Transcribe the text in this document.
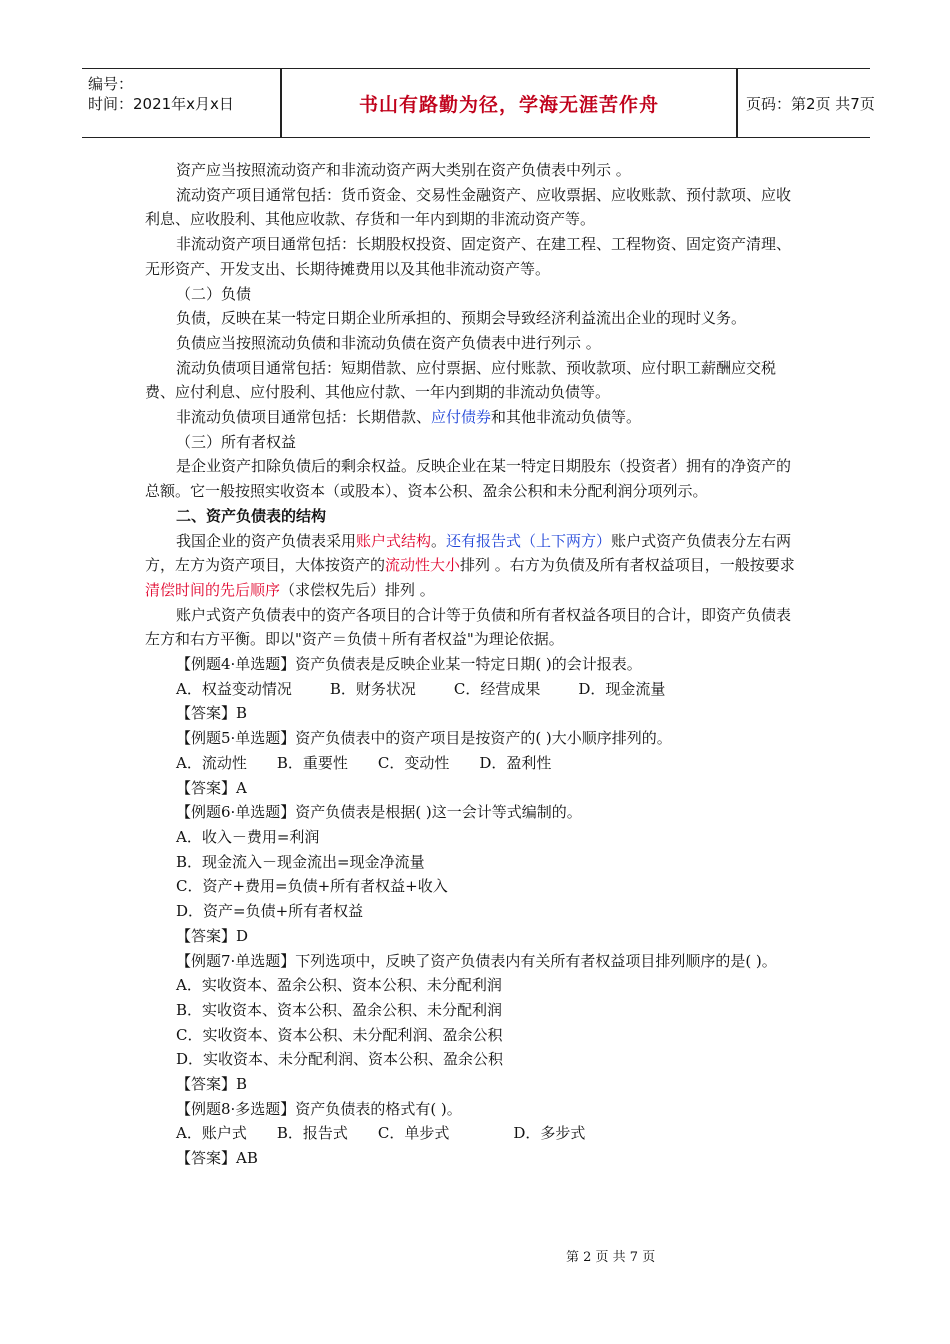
编号：
时间：2021年x月x日	书山有路勤为径，学海无涯苦作舟	页码：第2页 共7页

资产应当按照流动资产和非流动资产两大类别在资产负债表中列示 。

流动资产项目通常包括：货币资金、交易性金融资产、应收票据、应收账款、预付款项、应收利息、应收股利、其他应收款、存货和一年内到期的非流动资产等。

非流动资产项目通常包括：长期股权投资、固定资产、在建工程、工程物资、固定资产清理、无形资产、开发支出、长期待摊费用以及其他非流动资产等。

（二）负债

负债，反映在某一特定日期企业所承担的、预期会导致经济利益流出企业的现时义务。

负债应当按照流动负债和非流动负债在资产负债表中进行列示 。

流动负债项目通常包括：短期借款、应付票据、应付账款、预收款项、应付职工薪酬应交税费、应付利息、应付股利、其他应付款、一年内到期的非流动负债等。

非流动负债项目通常包括：长期借款、应付债券和其他非流动负债等。

（三）所有者权益

是企业资产扣除负债后的剩余权益。反映企业在某一特定日期股东（投资者）拥有的净资产的总额。它一般按照实收资本（或股本）、资本公积、盈余公积和未分配利润分项列示。

二、资产负债表的结构

我国企业的资产负债表采用账户式结构。还有报告式（上下两方）账户式资产负债表分左右两方，左方为资产项目，大体按资产的流动性大小排列 。右方为负债及所有者权益项目，一般按要求清偿时间的先后顺序（求偿权先后）排列 。

账户式资产负债表中的资产各项目的合计等于负债和所有者权益各项目的合计，即资产负债表左方和右方平衡。即以"资产＝负债＋所有者权益"为理论依据。

【例题4·单选题】资产负债表是反映企业某一特定日期( )的会计报表。

A．权益变动情况	B．财务状况	C．经营成果	D．现金流量

【答案】B

【例题5·单选题】资产负债表中的资产项目是按资产的( )大小顺序排列的。

A．流动性 B．重要性 C．变动性 D．盈利性

【答案】A

【例题6·单选题】资产负债表是根据( )这一会计等式编制的。

A．收入－费用=利润

B．现金流入－现金流出=现金净流量

C．资产+费用=负债+所有者权益+收入

D．资产=负债+所有者权益

【答案】D

【例题7·单选题】下列选项中，反映了资产负债表内有关所有者权益项目排列顺序的是( )。

A．实收资本、盈余公积、资本公积、未分配利润

B．实收资本、资本公积、盈余公积、未分配利润

C．实收资本、资本公积、未分配利润、盈余公积

D．实收资本、未分配利润、资本公积、盈余公积

【答案】B

【例题8·多选题】资产负债表的格式有( )。

A．账户式 B．报告式 C．单步式	D．多步式

【答案】AB

第 2 页 共 7 页
